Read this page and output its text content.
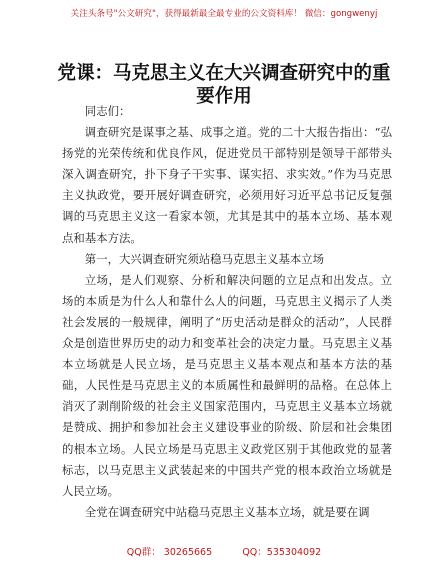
关注头条号"公文研究"，获得最新最全最专业的公文资料库！ 微信：gongwenyj
党课：马克思主义在大兴调查研究中的重要作用

同志们：

调查研究是谋事之基、成事之道。党的二十大报告指出：“弘扬党的光荣传统和优良作风，促进党员干部特别是领导干部带头深入调查研究，扑下身子干实事、谋实招、求实效。”作为马克思主义执政党，要开展好调查研究，必须用好习近平总书记反复强调的马克思主义这一看家本领，尤其是其中的基本立场、基本观点和基本方法。

第一，大兴调查研究须站稳马克思主义基本立场

立场，是人们观察、分析和解决问题的立足点和出发点。立场的本质是为什么人和靠什么人的问题，马克思主义揭示了人类社会发展的一般规律，阐明了“历史活动是群众的活动”，人民群众是创造世界历史的动力和变革社会的决定力量。马克思主义基本立场就是人民立场，是马克思主义基本观点和基本方法的基础，人民性是马克思主义的本质属性和最鲜明的品格。在总体上消灭了剥削阶级的社会主义国家范围内，马克思主义基本立场就是赞成、拥护和参加社会主义建设事业的阶级、阶层和社会集团的根本立场。人民立场是马克思主义政党区别于其他政党的显著标志，以马克思主义武装起来的中国共产党的根本政治立场就是人民立场。

全党在调查研究中站稳马克思主义基本立场，就是要在调

QQ群： 30265665          QQ：535304092
